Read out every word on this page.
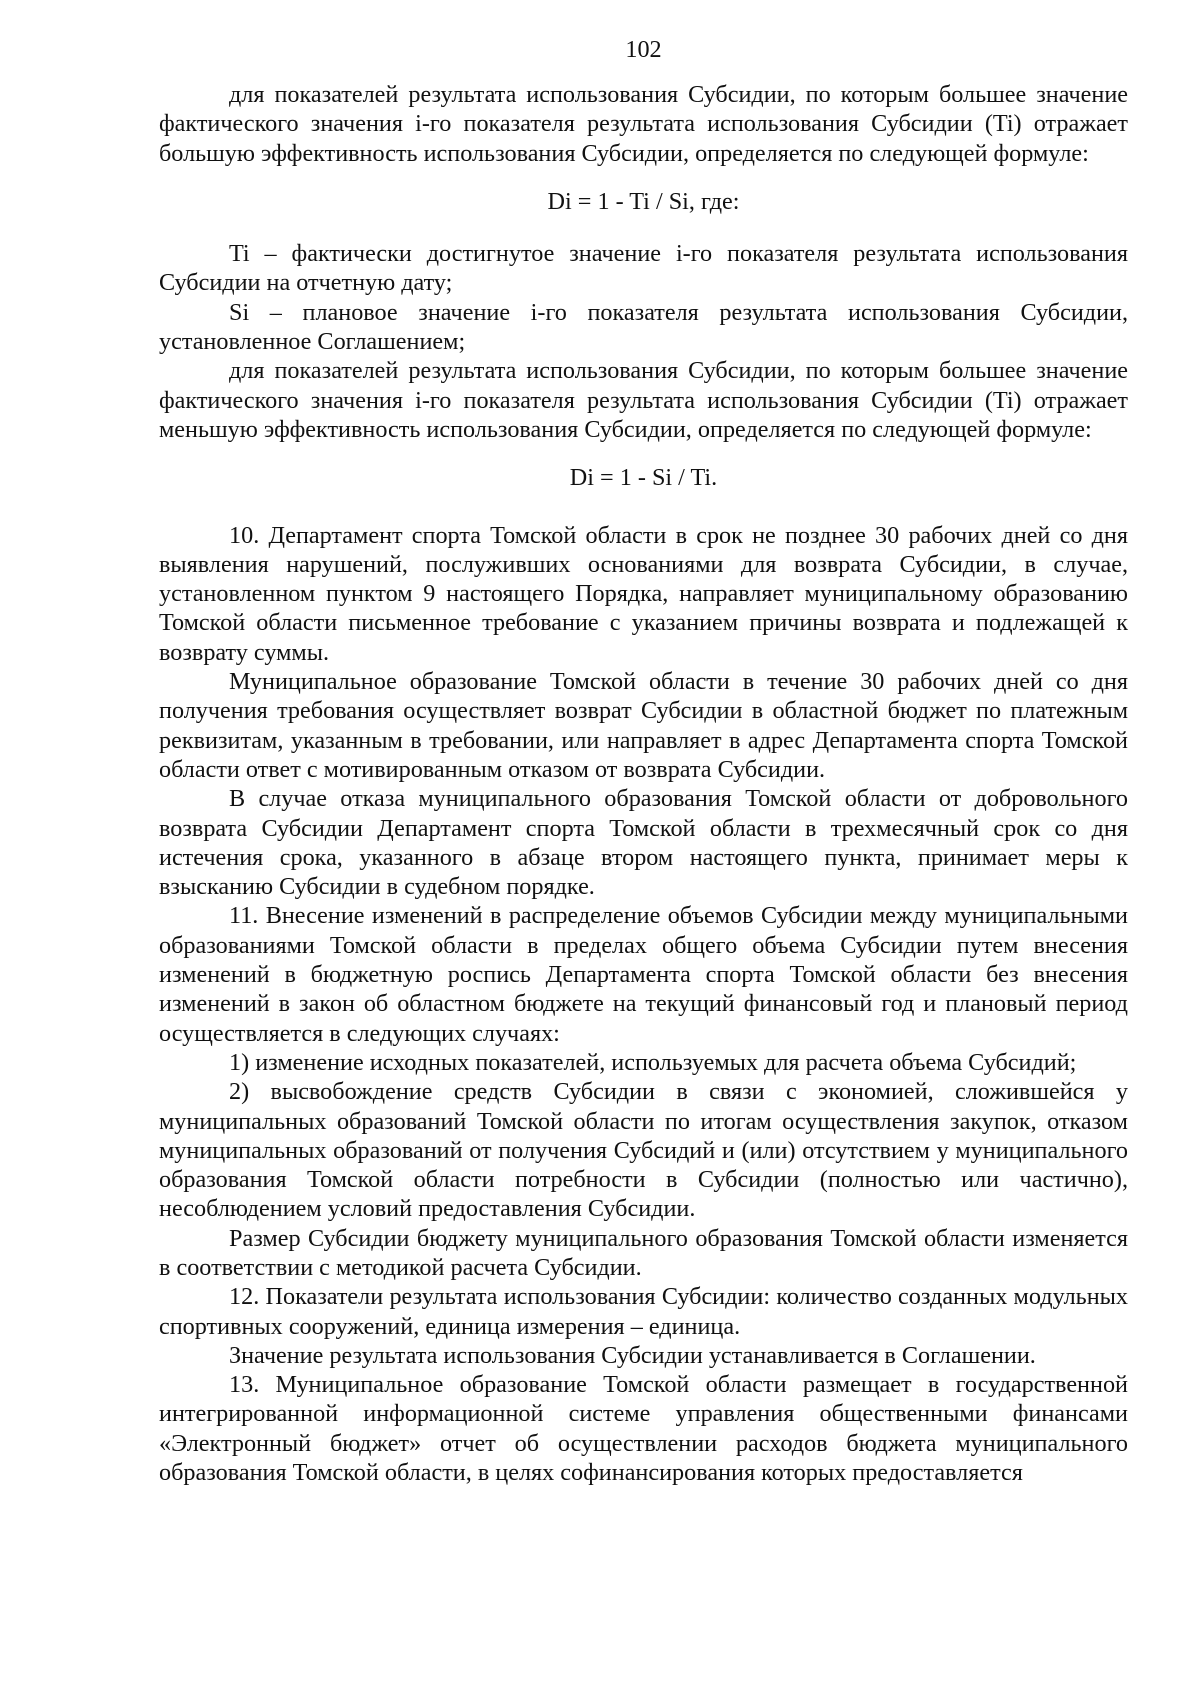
102

для показателей результата использования Субсидии, по которым большее значение фактического значения i-го показателя результата использования Субсидии (Ti) отражает большую эффективность использования Субсидии, определяется по следующей формуле:

Di = 1 - Ti / Si, где:

Ti – фактически достигнутое значение i-го показателя результата использования Субсидии на отчетную дату;

Si – плановое значение i-го показателя результата использования Субсидии, установленное Соглашением;

для показателей результата использования Субсидии, по которым большее значение фактического значения i-го показателя результата использования Субсидии (Ti) отражает меньшую эффективность использования Субсидии, определяется по следующей формуле:

Di = 1 - Si / Ti.

10. Департамент спорта Томской области в срок не позднее 30 рабочих дней со дня выявления нарушений, послуживших основаниями для возврата Субсидии, в случае, установленном пунктом 9 настоящего Порядка, направляет муниципальному образованию Томской области письменное требование с указанием причины возврата и подлежащей к возврату суммы.

Муниципальное образование Томской области в течение 30 рабочих дней со дня получения требования осуществляет возврат Субсидии в областной бюджет по платежным реквизитам, указанным в требовании, или направляет в адрес Департамента спорта Томской области ответ с мотивированным отказом от возврата Субсидии.

В случае отказа муниципального образования Томской области от добровольного возврата Субсидии Департамент спорта Томской области в трехмесячный срок со дня истечения срока, указанного в абзаце втором настоящего пункта, принимает меры к взысканию Субсидии в судебном порядке.

11. Внесение изменений в распределение объемов Субсидии между муниципальными образованиями Томской области в пределах общего объема Субсидии путем внесения изменений в бюджетную роспись Департамента спорта Томской области без внесения изменений в закон об областном бюджете на текущий финансовый год и плановый период осуществляется в следующих случаях:

1) изменение исходных показателей, используемых для расчета объема Субсидий;

2) высвобождение средств Субсидии в связи с экономией, сложившейся у муниципальных образований Томской области по итогам осуществления закупок, отказом муниципальных образований от получения Субсидий и (или) отсутствием у муниципального образования Томской области потребности в Субсидии (полностью или частично), несоблюдением условий предоставления Субсидии.

Размер Субсидии бюджету муниципального образования Томской области изменяется в соответствии с методикой расчета Субсидии.

12. Показатели результата использования Субсидии: количество созданных модульных спортивных сооружений, единица измерения – единица.

Значение результата использования Субсидии устанавливается в Соглашении.

13. Муниципальное образование Томской области размещает в государственной интегрированной информационной системе управления общественными финансами «Электронный бюджет» отчет об осуществлении расходов бюджета муниципального образования Томской области, в целях софинансирования которых предоставляется
